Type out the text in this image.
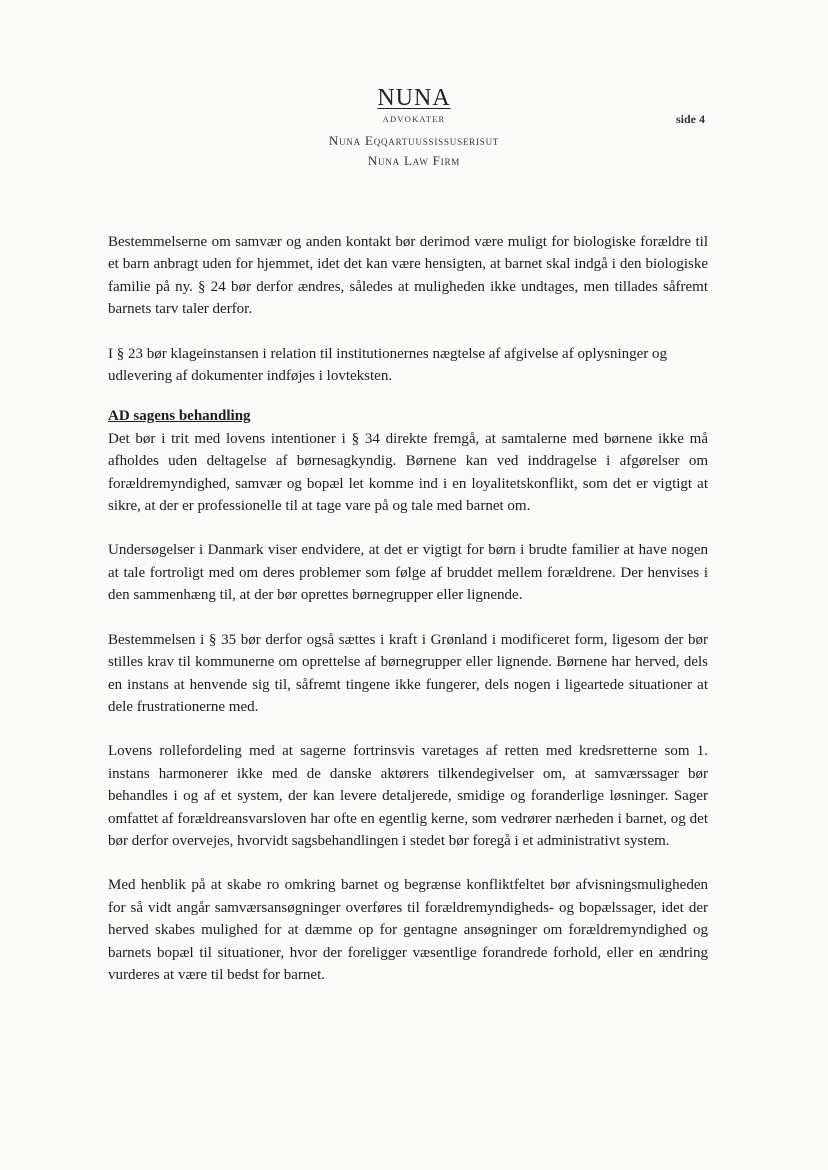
NUNA
ADVOKATER
Nuna Eqqartuussissuserisut
Nuna Law Firm
side 4

Bestemmelserne om samvær og anden kontakt bør derimod være muligt for biologiske forældre til et barn anbragt uden for hjemmet, idet det kan være hensigten, at barnet skal indgå i den biologiske familie på ny. § 24 bør derfor ændres, således at muligheden ikke undtages, men tillades såfremt barnets tarv taler derfor.

I § 23 bør klageinstansen i relation til institutionernes nægtelse af afgivelse af oplysninger og udlevering af dokumenter indføjes i lovteksten.

AD sagens behandling

Det bør i trit med lovens intentioner i § 34 direkte fremgå, at samtalerne med børnene ikke må afholdes uden deltagelse af børnesagkyndig. Børnene kan ved inddragelse i afgørelser om forældremyndighed, samvær og bopæl let komme ind i en loyalitetskonflikt, som det er vigtigt at sikre, at der er professionelle til at tage vare på og tale med barnet om.

Undersøgelser i Danmark viser endvidere, at det er vigtigt for børn i brudte familier at have nogen at tale fortroligt med om deres problemer som følge af bruddet mellem forældrene. Der henvises i den sammenhæng til, at der bør oprettes børnegrupper eller lignende.

Bestemmelsen i § 35 bør derfor også sættes i kraft i Grønland i modificeret form, ligesom der bør stilles krav til kommunerne om oprettelse af børnegrupper eller lignende. Børnene har herved, dels en instans at henvende sig til, såfremt tingene ikke fungerer, dels nogen i ligeartede situationer at dele frustrationerne med.

Lovens rollefordeling med at sagerne fortrinsvis varetages af retten med kredsretterne som 1. instans harmonerer ikke med de danske aktørers tilkendegivelser om, at samværssager bør behandles i og af et system, der kan levere detaljerede, smidige og foranderlige løsninger. Sager omfattet af forældreansvarsloven har ofte en egentlig kerne, som vedrører nærheden i barnet, og det bør derfor overvejes, hvorvidt sagsbehandlingen i stedet bør foregå i et administrativt system.

Med henblik på at skabe ro omkring barnet og begrænse konfliktfeltet bør afvisningsmuligheden for så vidt angår samværsansøgninger overføres til forældremyndigheds- og bopælssager, idet der herved skabes mulighed for at dæmme op for gentagne ansøgninger om forældremyndighed og barnets bopæl til situationer, hvor der foreligger væsentlige forandrede forhold, eller en ændring vurderes at være til bedst for barnet.
